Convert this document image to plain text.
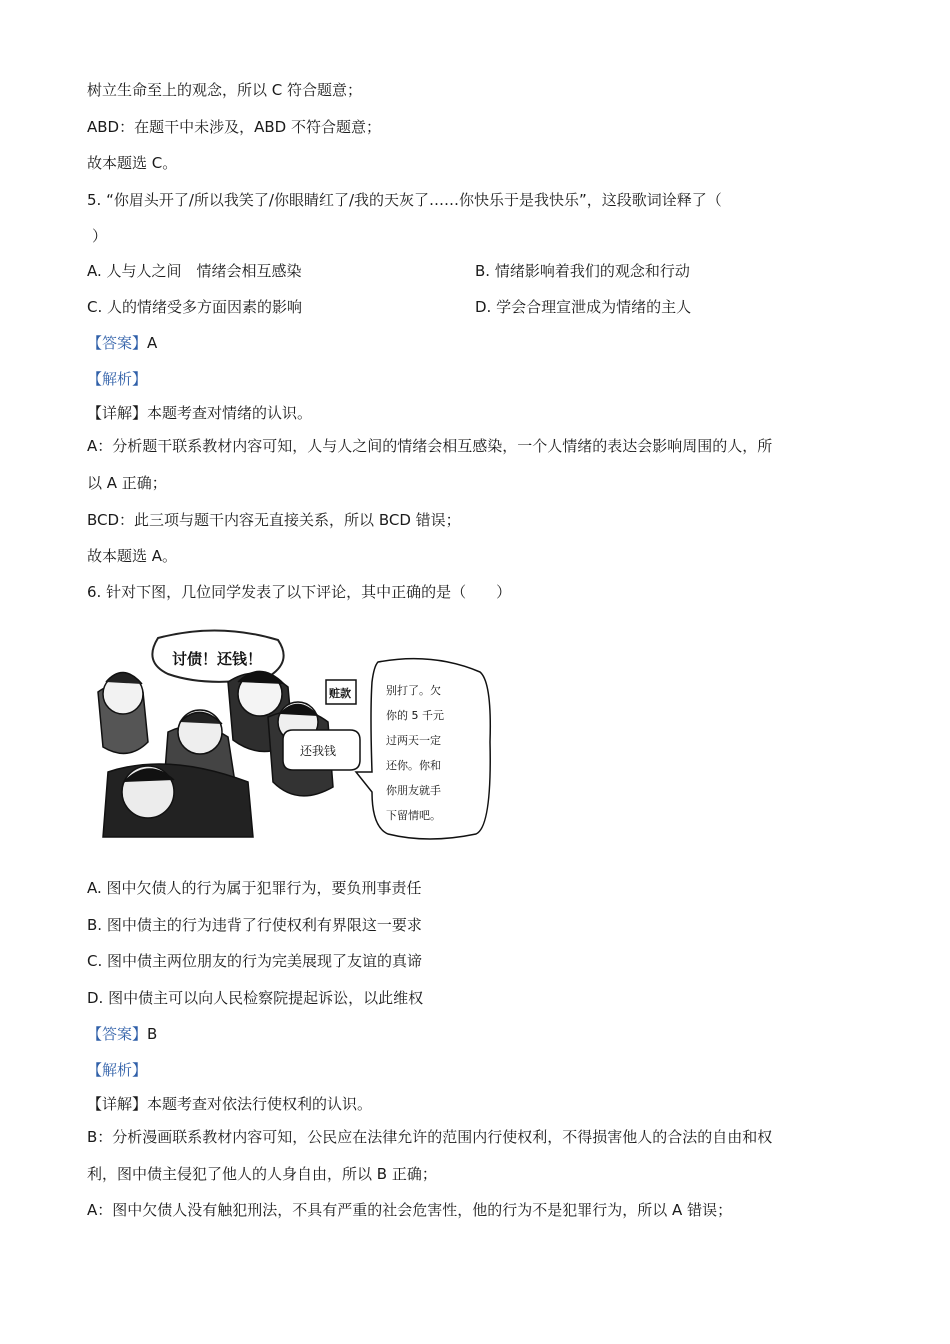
树立生命至上的观念，所以 C 符合题意；
ABD：在题干中未涉及，ABD 不符合题意；
故本题选 C。
5. “你眉头开了/所以我笑了/你眼睛红了/我的天灰了……你快乐于是我快乐”，这段歌词诠释了（
）
A. 人与人之间　情绪会相互感染	B. 情绪影响着我们的观念和行动
C. 人的情绪受多方面因素的影响	D. 学会合理宣泄成为情绪的主人
【答案】A
【解析】
【详解】本题考查对情绪的认识。
A：分析题干联系教材内容可知，人与人之间的情绪会相互感染，一个人情绪的表达会影响周围的人，所
以 A 正确；
BCD：此三项与题干内容无直接关系，所以 BCD 错误；
故本题选 A。
6. 针对下图，几位同学发表了以下评论，其中正确的是（　　）
讨债！还钱！
赃款
还我钱
别打了。欠
你的 5 千元
过两天一定
还你。你和
你朋友就手
下留情吧。
A. 图中欠债人的行为属于犯罪行为，要负刑事责任
B. 图中债主的行为违背了行使权利有界限这一要求
C. 图中债主两位朋友的行为完美展现了友谊的真谛
D. 图中债主可以向人民检察院提起诉讼，以此维权
【答案】B
【解析】
【详解】本题考查对依法行使权利的认识。
B：分析漫画联系教材内容可知，公民应在法律允许的范围内行使权利，不得损害他人的合法的自由和权
利，图中债主侵犯了他人的人身自由，所以 B 正确；
A：图中欠债人没有触犯刑法，不具有严重的社会危害性，他的行为不是犯罪行为，所以 A 错误；
